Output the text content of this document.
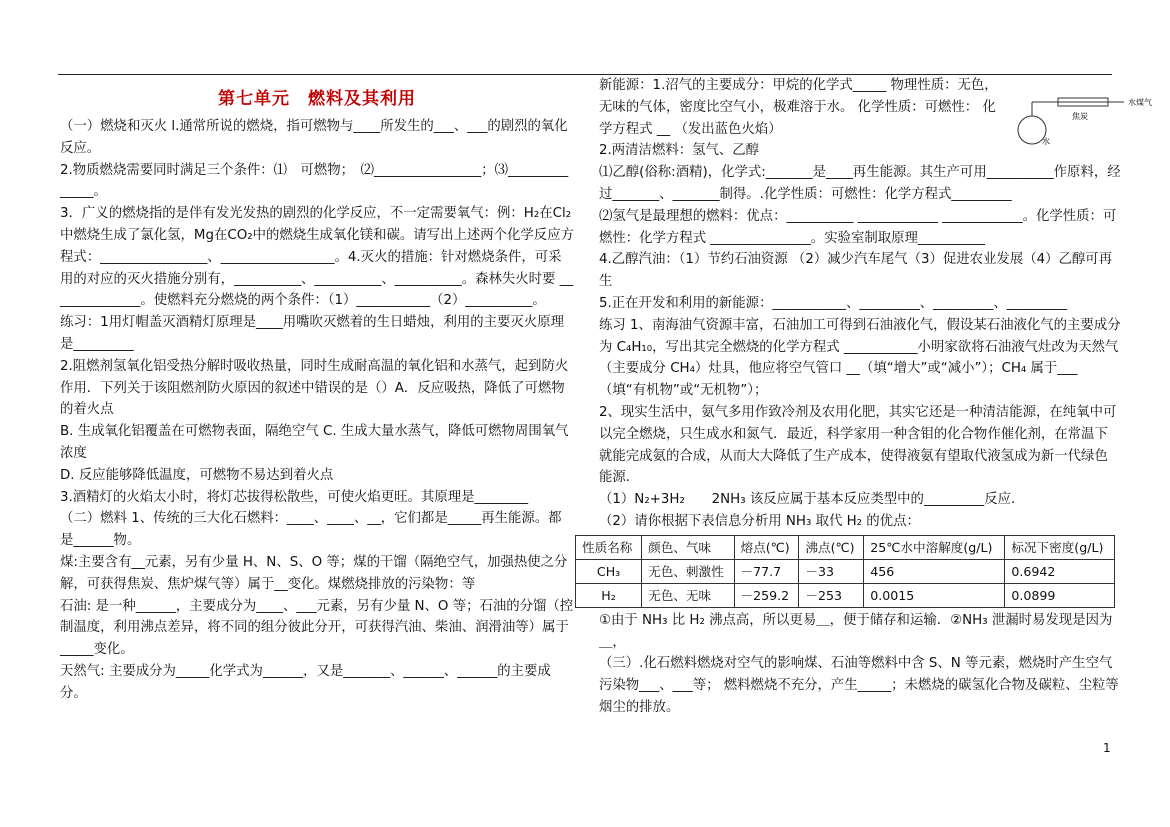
第七单元　燃料及其利用

（一）燃烧和灭火 l.通常所说的燃烧，指可燃物与____所发生的___、___的剧烈的氧化反应。

2.物质燃烧需要同时满足三个条件：⑴　可燃物；　⑵________________；⑶______________。

3．广义的燃烧指的是伴有发光发热的剧烈的化学反应，不一定需要氧气：例：H₂在Cl₂中燃烧生成了氯化氢，Mg在CO₂中的燃烧生成氧化镁和碳。请写出上述两个化学反应方程式：________________、_________________。4.灭火的措施：针对燃烧条件，可采用的对应的灭火措施分别有，__________、__________、__________。森林失火时要 ______________。使燃料充分燃烧的两个条件：（1）___________（2）__________。

练习：1用灯帽盖灭酒精灯原理是____用嘴吹灭燃着的生日蜡烛，利用的主要灭火原理是_________

2.阻燃剂氢氧化铝受热分解时吸收热量，同时生成耐高温的氧化铝和水蒸气，起到防火作用．下列关于该阻燃剂防火原因的叙述中错误的是（）A．反应吸热，降低了可燃物的着火点

B. 生成氧化铝覆盖在可燃物表面，隔绝空气 C. 生成大量水蒸气，降低可燃物周围氧气浓度

D. 反应能够降低温度，可燃物不易达到着火点

3.酒精灯的火焰太小时，将灯芯拔得松散些，可使火焰更旺。其原理是________

（二）燃料 1、传统的三大化石燃料：____、____、__，它们都是_____再生能源。都是______物。

煤:主要含有__元素，另有少量 H、N、S、O 等；煤的干馏（隔绝空气，加强热使之分解，可获得焦炭、焦炉煤气等）属于__变化。煤燃烧排放的污染物：等

石油: 是一种______，主要成分为____、___元素，另有少量 N、O 等；石油的分馏（控制温度，利用沸点差异，将不同的组分彼此分开，可获得汽油、柴油、润滑油等）属于_____变化。

天然气: 主要成分为_____化学式为______，又是_______、______、______的主要成分。

新能源：1.沼气的主要成分：甲烷的化学式_____ 物理性质：无色，无味的气体，密度比空气小，极难溶于水。 化学性质：可燃性： 化学方程式 __ （发出蓝色火焰）

2.两清洁燃料：氢气、乙醇

⑴乙醇(俗称:酒精)，化学式:_______是____再生能源。其生产可用__________作原料，经过_______、_______制得。.化学性质：可燃性：化学方程式_________

⑵氢气是最理想的燃料：优点：__________ ____________ ____________。化学性质：可燃性：化学方程式 _______________。实验室制取原理__________

4.乙醇汽油：（1）节约石油资源 （2）减少汽车尾气（3）促进农业发展（4）乙醇可再生

5.正在开发和利用的新能源：___________、_________、_________、_________

练习 1、南海油气资源丰富，石油加工可得到石油液化气，假设某石油液化气的主要成分为 C₄H₁₀，写出其完全燃烧的化学方程式 ___________小明家欲将石油液气灶改为天然气（主要成分 CH₄）灶具，他应将空气管口 __（填“增大”或“减小”）；CH₄ 属于___（填“有机物”或“无机物”）；

2、现实生活中，氨气多用作致冷剂及农用化肥，其实它还是一种清洁能源，在纯氧中可以完全燃烧，只生成水和氮气．最近，科学家用一种含钼的化合物作催化剂，在常温下就能完成氨的合成，从而大大降低了生产成本，使得液氨有望取代液氢成为新一代绿色能源．

（1）N₂+3H₂　　2NH₃ 该反应属于基本反应类型中的_________反应．

（2）请你根据下表信息分析用 NH₃ 取代 H₂ 的优点：

性质名称	颜色、气味	熔点(℃)	沸点(℃)	25℃水中溶解度(g/L)	标况下密度(g/L)
CH₃	无色、刺激性	－77.7	－33	456	0.6942
H₂	无色、无味	－259.2	－253	0.0015	0.0899

①由于 NH₃ 比 H₂ 沸点高，所以更易＿，便于储存和运输．②NH₃ 泄漏时易发现是因为＿，

（三）.化石燃料燃烧对空气的影响煤、石油等燃料中含 S、N 等元素，燃烧时产生空气污染物___、___等； 燃料燃烧不充分，产生_____；未燃烧的碳氢化合物及碳粒、尘粒等烟尘的排放。

焦炭
水煤气
水
1
